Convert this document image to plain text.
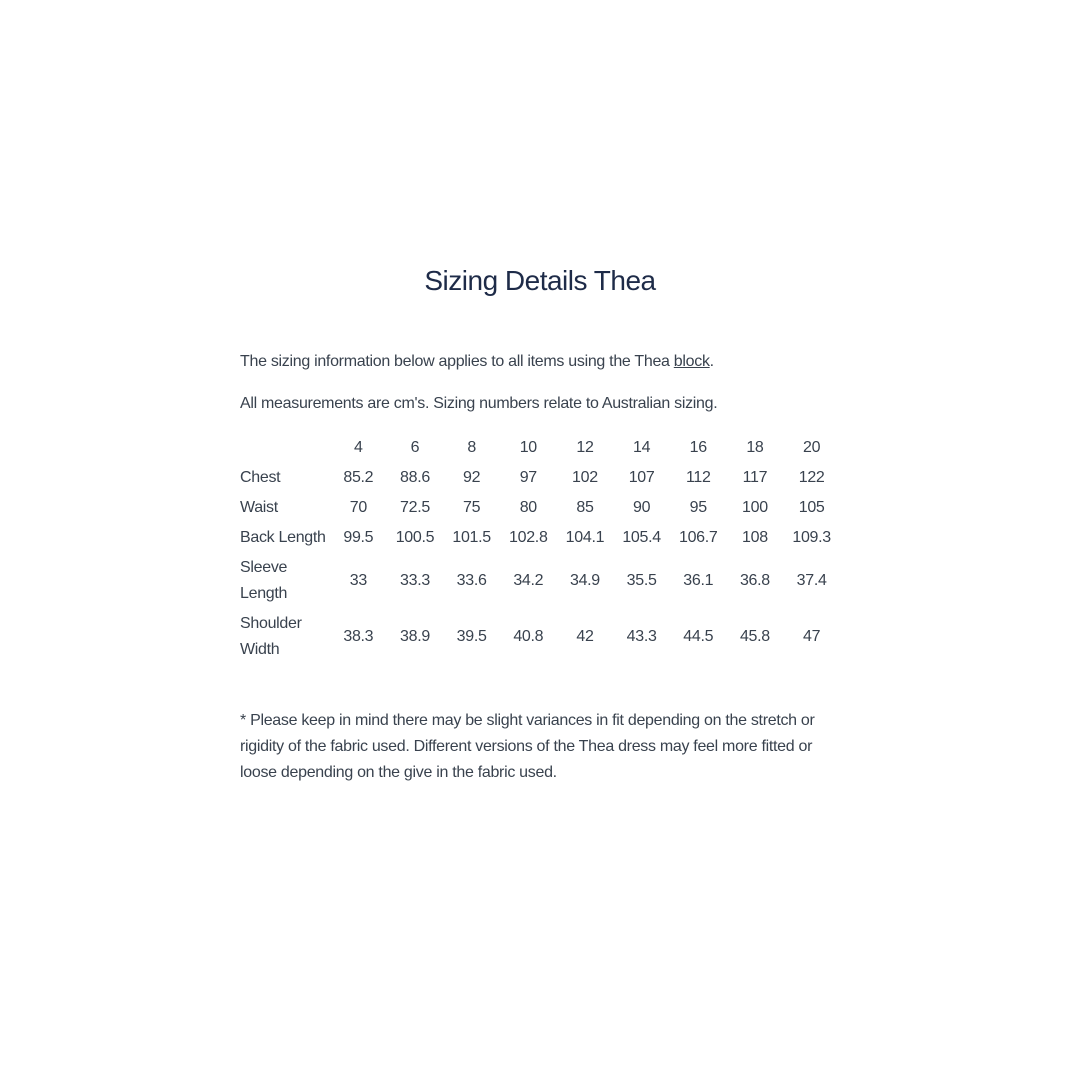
Sizing Details Thea

The sizing information below applies to all items using the Thea block.

All measurements are cm's. Sizing numbers relate to Australian sizing.

	4	6	8	10	12	14	16	18	20
Chest	85.2	88.6	92	97	102	107	112	117	122
Waist	70	72.5	75	80	85	90	95	100	105
Back Length	99.5	100.5	101.5	102.8	104.1	105.4	106.7	108	109.3
Sleeve Length	33	33.3	33.6	34.2	34.9	35.5	36.1	36.8	37.4
Shoulder Width	38.3	38.9	39.5	40.8	42	43.3	44.5	45.8	47

* Please keep in mind there may be slight variances in fit depending on the stretch or rigidity of the fabric used. Different versions of the Thea dress may feel more fitted or loose depending on the give in the fabric used.
